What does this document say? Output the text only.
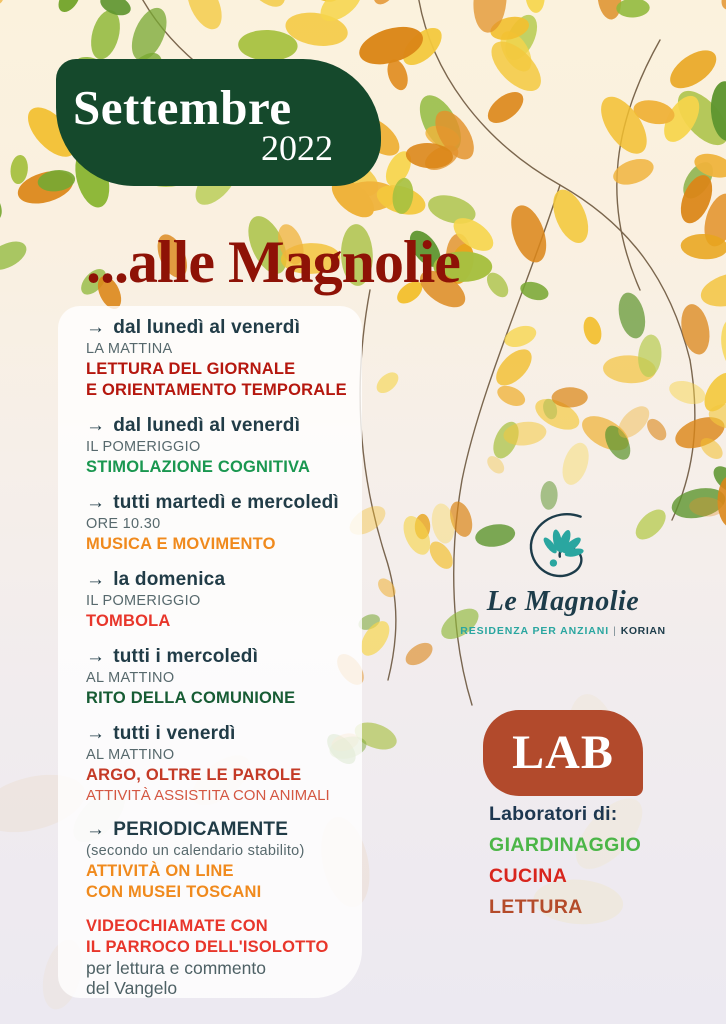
Settembre
2022
...alle Magnolie
→ dal lunedì al venerdì
LA MATTINA
LETTURA DEL GIORNALE
E ORIENTAMENTO TEMPORALE
→ dal lunedì al venerdì
IL POMERIGGIO
STIMOLAZIONE COGNITIVA
→ tutti martedì e mercoledì
ORE 10.30
MUSICA E MOVIMENTO
→ la domenica
IL POMERIGGIO
TOMBOLA
→ tutti i mercoledì
AL MATTINO
RITO DELLA COMUNIONE
→ tutti i venerdì
AL MATTINO
ARGO, OLTRE LE PAROLE
ATTIVITÀ ASSISTITA CON ANIMALI
→ PERIODICAMENTE
(secondo un calendario stabilito)
ATTIVITÀ ON LINE
CON MUSEI TOSCANI
VIDEOCHIAMATE CON
IL PARROCO DELL'ISOLOTTO
per lettura e commento
del Vangelo
Le Magnolie
RESIDENZA PER ANZIANI | KORIAN
LAB
Laboratori di:
GIARDINAGGIO
CUCINA
LETTURA
